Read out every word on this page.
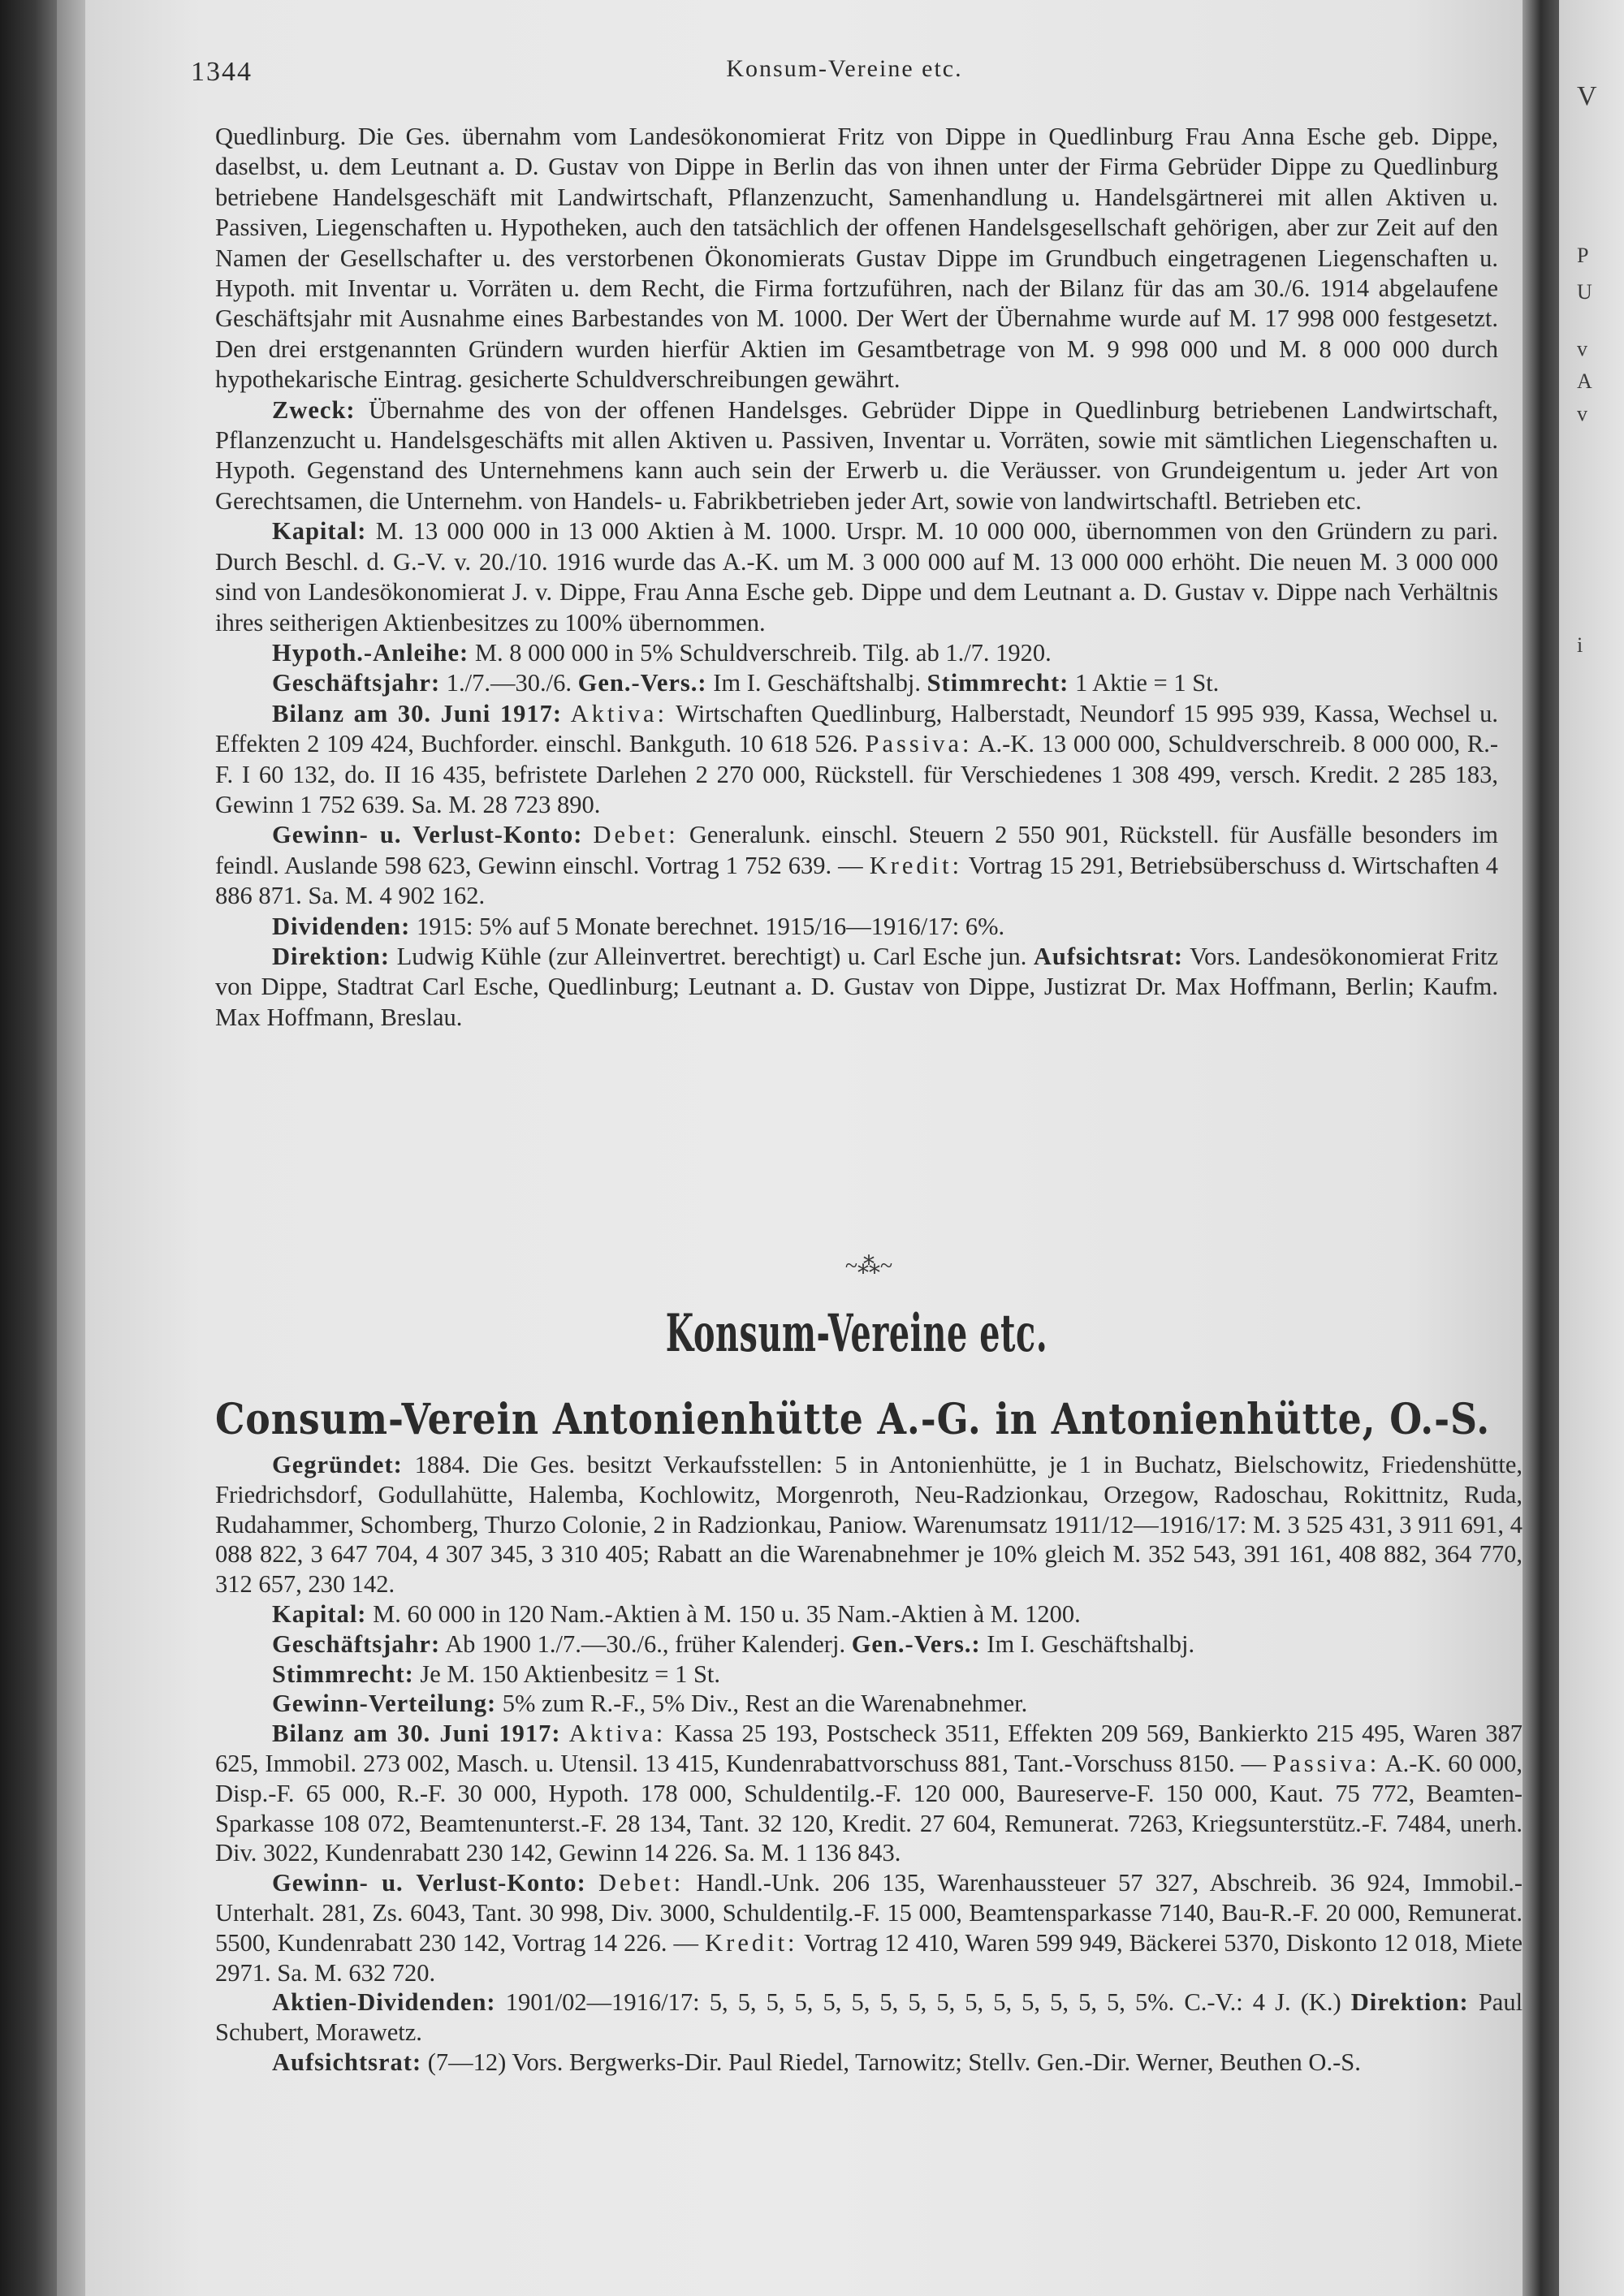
V
P
U
v
A
v
i
1344	Konsum-Vereine etc.

Quedlinburg. Die Ges. übernahm vom Landesökonomierat Fritz von Dippe in Quedlinburg Frau Anna Esche geb. Dippe, daselbst, u. dem Leutnant a. D. Gustav von Dippe in Berlin das von ihnen unter der Firma Gebrüder Dippe zu Quedlinburg betriebene Handelsgeschäft mit Landwirtschaft, Pflanzenzucht, Samenhandlung u. Handelsgärtnerei mit allen Aktiven u. Passiven, Liegenschaften u. Hypotheken, auch den tatsächlich der offenen Handelsgesellschaft gehörigen, aber zur Zeit auf den Namen der Gesellschafter u. des verstorbenen Ökonomierats Gustav Dippe im Grundbuch eingetragenen Liegenschaften u. Hypoth. mit Inventar u. Vorräten u. dem Recht, die Firma fortzuführen, nach der Bilanz für das am 30./6. 1914 abgelaufene Geschäftsjahr mit Ausnahme eines Barbestandes von M. 1000. Der Wert der Übernahme wurde auf M. 17 998 000 festgesetzt. Den drei erstgenannten Gründern wurden hierfür Aktien im Gesamtbetrage von M. 9 998 000 und M. 8 000 000 durch hypothekarische Eintrag. gesicherte Schuldverschreibungen gewährt.

Zweck: Übernahme des von der offenen Handelsges. Gebrüder Dippe in Quedlinburg betriebenen Landwirtschaft, Pflanzenzucht u. Handelsgeschäfts mit allen Aktiven u. Passiven, Inventar u. Vorräten, sowie mit sämtlichen Liegenschaften u. Hypoth. Gegenstand des Unternehmens kann auch sein der Erwerb u. die Veräusser. von Grundeigentum u. jeder Art von Gerechtsamen, die Unternehm. von Handels- u. Fabrikbetrieben jeder Art, sowie von landwirtschaftl. Betrieben etc.

Kapital: M. 13 000 000 in 13 000 Aktien à M. 1000. Urspr. M. 10 000 000, übernommen von den Gründern zu pari. Durch Beschl. d. G.-V. v. 20./10. 1916 wurde das A.-K. um M. 3 000 000 auf M. 13 000 000 erhöht. Die neuen M. 3 000 000 sind von Landesökonomierat J. v. Dippe, Frau Anna Esche geb. Dippe und dem Leutnant a. D. Gustav v. Dippe nach Verhältnis ihres seitherigen Aktienbesitzes zu 100% übernommen.

Hypoth.-Anleihe: M. 8 000 000 in 5% Schuldverschreib. Tilg. ab 1./7. 1920.

Geschäftsjahr: 1./7.—30./6. Gen.-Vers.: Im I. Geschäftshalbj. Stimmrecht: 1 Aktie = 1 St.

Bilanz am 30. Juni 1917: Aktiva: Wirtschaften Quedlinburg, Halberstadt, Neundorf 15 995 939, Kassa, Wechsel u. Effekten 2 109 424, Buchforder. einschl. Bankguth. 10 618 526. Passiva: A.-K. 13 000 000, Schuldverschreib. 8 000 000, R.-F. I 60 132, do. II 16 435, befristete Darlehen 2 270 000, Rückstell. für Verschiedenes 1 308 499, versch. Kredit. 2 285 183, Gewinn 1 752 639. Sa. M. 28 723 890.

Gewinn- u. Verlust-Konto: Debet: Generalunk. einschl. Steuern 2 550 901, Rückstell. für Ausfälle besonders im feindl. Auslande 598 623, Gewinn einschl. Vortrag 1 752 639. — Kredit: Vortrag 15 291, Betriebsüberschuss d. Wirtschaften 4 886 871. Sa. M. 4 902 162.

Dividenden: 1915: 5% auf 5 Monate berechnet. 1915/16—1916/17: 6%.

Direktion: Ludwig Kühle (zur Alleinvertret. berechtigt) u. Carl Esche jun. Aufsichtsrat: Vors. Landesökonomierat Fritz von Dippe, Stadtrat Carl Esche, Quedlinburg; Leutnant a. D. Gustav von Dippe, Justizrat Dr. Max Hoffmann, Berlin; Kaufm. Max Hoffmann, Breslau.

~⁂~
Konsum-Vereine etc.
Consum-Verein Antonienhütte A.-G. in Antonienhütte, O.-S.

Gegründet: 1884. Die Ges. besitzt Verkaufsstellen: 5 in Antonienhütte, je 1 in Buchatz, Bielschowitz, Friedenshütte, Friedrichsdorf, Godullahütte, Halemba, Kochlowitz, Morgenroth, Neu-Radzionkau, Orzegow, Radoschau, Rokittnitz, Ruda, Rudahammer, Schomberg, Thurzo Colonie, 2 in Radzionkau, Paniow. Warenumsatz 1911/12—1916/17: M. 3 525 431, 3 911 691, 4 088 822, 3 647 704, 4 307 345, 3 310 405; Rabatt an die Warenabnehmer je 10% gleich M. 352 543, 391 161, 408 882, 364 770, 312 657, 230 142.

Kapital: M. 60 000 in 120 Nam.-Aktien à M. 150 u. 35 Nam.-Aktien à M. 1200.

Geschäftsjahr: Ab 1900 1./7.—30./6., früher Kalenderj. Gen.-Vers.: Im I. Geschäftshalbj.

Stimmrecht: Je M. 150 Aktienbesitz = 1 St.

Gewinn-Verteilung: 5% zum R.-F., 5% Div., Rest an die Warenabnehmer.

Bilanz am 30. Juni 1917: Aktiva: Kassa 25 193, Postscheck 3511, Effekten 209 569, Bankierkto 215 495, Waren 387 625, Immobil. 273 002, Masch. u. Utensil. 13 415, Kundenrabattvorschuss 881, Tant.-Vorschuss 8150. — Passiva: A.-K. 60 000, Disp.-F. 65 000, R.-F. 30 000, Hypoth. 178 000, Schuldentilg.-F. 120 000, Baureserve-F. 150 000, Kaut. 75 772, Beamten-Sparkasse 108 072, Beamtenunterst.-F. 28 134, Tant. 32 120, Kredit. 27 604, Remunerat. 7263, Kriegsunterstütz.-F. 7484, unerh. Div. 3022, Kundenrabatt 230 142, Gewinn 14 226. Sa. M. 1 136 843.

Gewinn- u. Verlust-Konto: Debet: Handl.-Unk. 206 135, Warenhaussteuer 57 327, Abschreib. 36 924, Immobil.-Unterhalt. 281, Zs. 6043, Tant. 30 998, Div. 3000, Schuldentilg.-F. 15 000, Beamtensparkasse 7140, Bau-R.-F. 20 000, Remunerat. 5500, Kundenrabatt 230 142, Vortrag 14 226. — Kredit: Vortrag 12 410, Waren 599 949, Bäckerei 5370, Diskonto 12 018, Miete 2971. Sa. M. 632 720.

Aktien-Dividenden: 1901/02—1916/17: 5, 5, 5, 5, 5, 5, 5, 5, 5, 5, 5, 5, 5, 5, 5, 5%. C.-V.: 4 J. (K.) Direktion: Paul Schubert, Morawetz.

Aufsichtsrat: (7—12) Vors. Bergwerks-Dir. Paul Riedel, Tarnowitz; Stellv. Gen.-Dir. Werner, Beuthen O.-S.
